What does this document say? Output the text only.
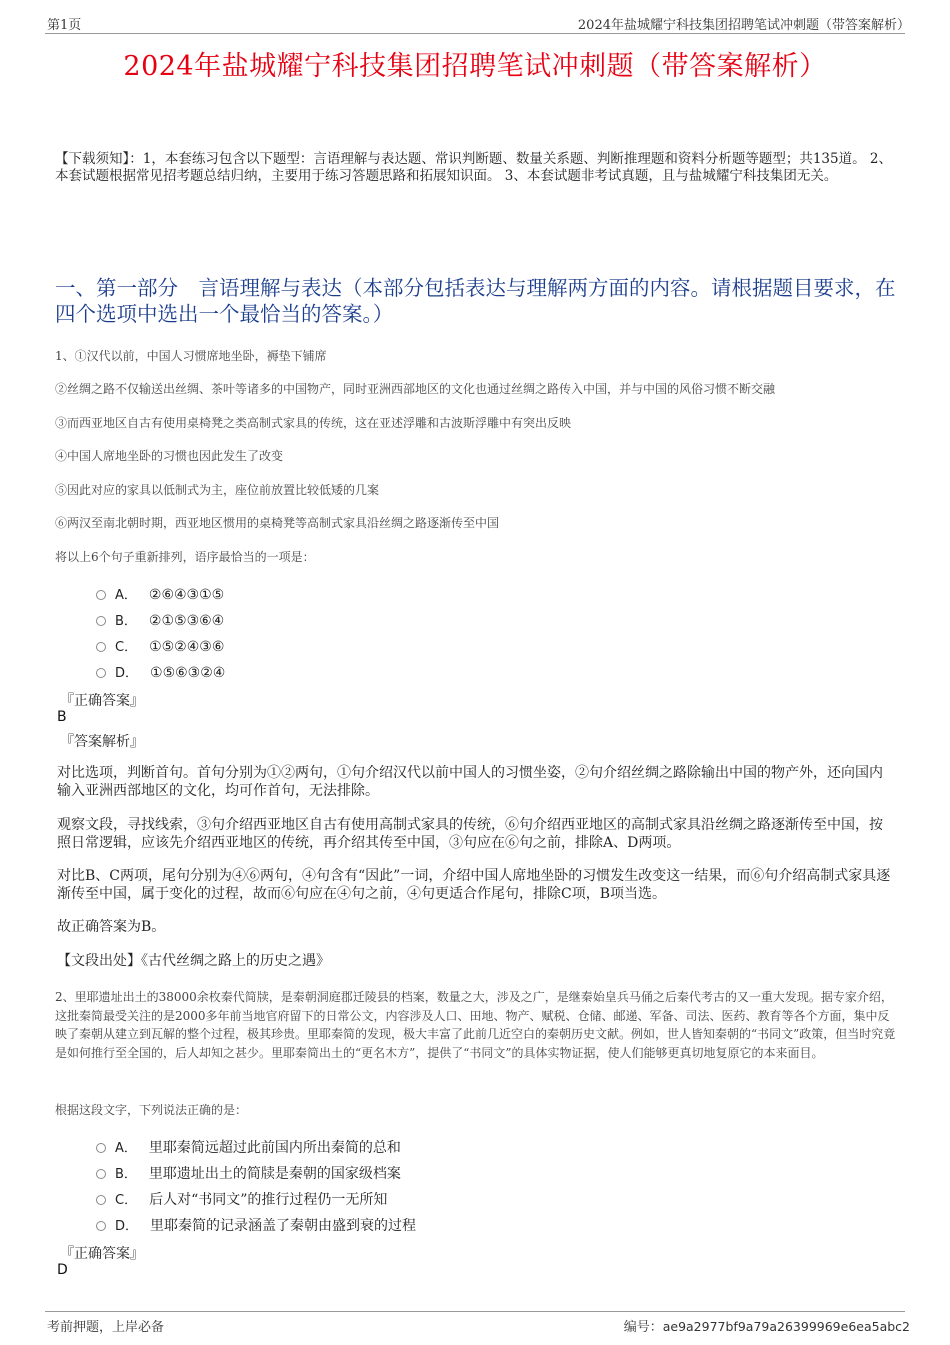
第1页	2024年盐城耀宁科技集团招聘笔试冲刺题（带答案解析）
2024年盐城耀宁科技集团招聘笔试冲刺题（带答案解析）
【下载须知】：1，本套练习包含以下题型：言语理解与表达题、常识判断题、数量关系题、判断推理题和资料分析题等题型；共135道。 2、本套试题根据常见招考题总结归纳，主要用于练习答题思路和拓展知识面。 3、本套试题非考试真题，且与盐城耀宁科技集团无关。
一、第一部分　言语理解与表达（本部分包括表达与理解两方面的内容。请根据题目要求，在四个选项中选出一个最恰当的答案。）
1、①汉代以前，中国人习惯席地坐卧，褥垫下铺席
②丝绸之路不仅输送出丝绸、茶叶等诸多的中国物产，同时亚洲西部地区的文化也通过丝绸之路传入中国，并与中国的风俗习惯不断交融
③而西亚地区自古有使用桌椅凳之类高制式家具的传统，这在亚述浮雕和古波斯浮雕中有突出反映
④中国人席地坐卧的习惯也因此发生了改变
⑤因此对应的家具以低制式为主，座位前放置比较低矮的几案
⑥两汉至南北朝时期，西亚地区惯用的桌椅凳等高制式家具沿丝绸之路逐渐传至中国
将以上6个句子重新排列，语序最恰当的一项是：
A． ②⑥④③①⑤
B． ②①⑤③⑥④
C． ①⑤②④③⑥
D． ①⑤⑥③②④
『正确答案』
B
『答案解析』
对比选项，判断首句。首句分别为①②两句，①句介绍汉代以前中国人的习惯坐姿，②句介绍丝绸之路除输出中国的物产外，还向国内输入亚洲西部地区的文化，均可作首句，无法排除。
观察文段，寻找线索，③句介绍西亚地区自古有使用高制式家具的传统，⑥句介绍西亚地区的高制式家具沿丝绸之路逐渐传至中国，按照日常逻辑，应该先介绍西亚地区的传统，再介绍其传至中国，③句应在⑥句之前，排除A、D两项。
对比B、C两项，尾句分别为④⑥两句，④句含有“因此”一词，介绍中国人席地坐卧的习惯发生改变这一结果，而⑥句介绍高制式家具逐渐传至中国，属于变化的过程，故而⑥句应在④句之前，④句更适合作尾句，排除C项，B项当选。
故正确答案为B。
【文段出处】《古代丝绸之路上的历史之遇》
2、里耶遗址出土的38000余枚秦代简牍，是秦朝洞庭郡迁陵县的档案，数量之大，涉及之广，是继秦始皇兵马俑之后秦代考古的又一重大发现。据专家介绍，这批秦简最受关注的是2000多年前当地官府留下的日常公文，内容涉及人口、田地、物产、赋税、仓储、邮递、军备、司法、医药、教育等各个方面，集中反映了秦朝从建立到瓦解的整个过程，极其珍贵。里耶秦简的发现，极大丰富了此前几近空白的秦朝历史文献。例如，世人皆知秦朝的“书同文”政策，但当时究竟是如何推行至全国的，后人却知之甚少。里耶秦简出土的“更名木方”，提供了“书同文”的具体实物证据，使人们能够更真切地复原它的本来面目。
根据这段文字，下列说法正确的是：
A． 里耶秦简远超过此前国内所出秦简的总和
B． 里耶遗址出土的简牍是秦朝的国家级档案
C． 后人对“书同文”的推行过程仍一无所知
D． 里耶秦简的记录涵盖了秦朝由盛到衰的过程
『正确答案』
D
考前押题，上岸必备	编号：ae9a2977bf9a79a26399969e6ea5abc2
